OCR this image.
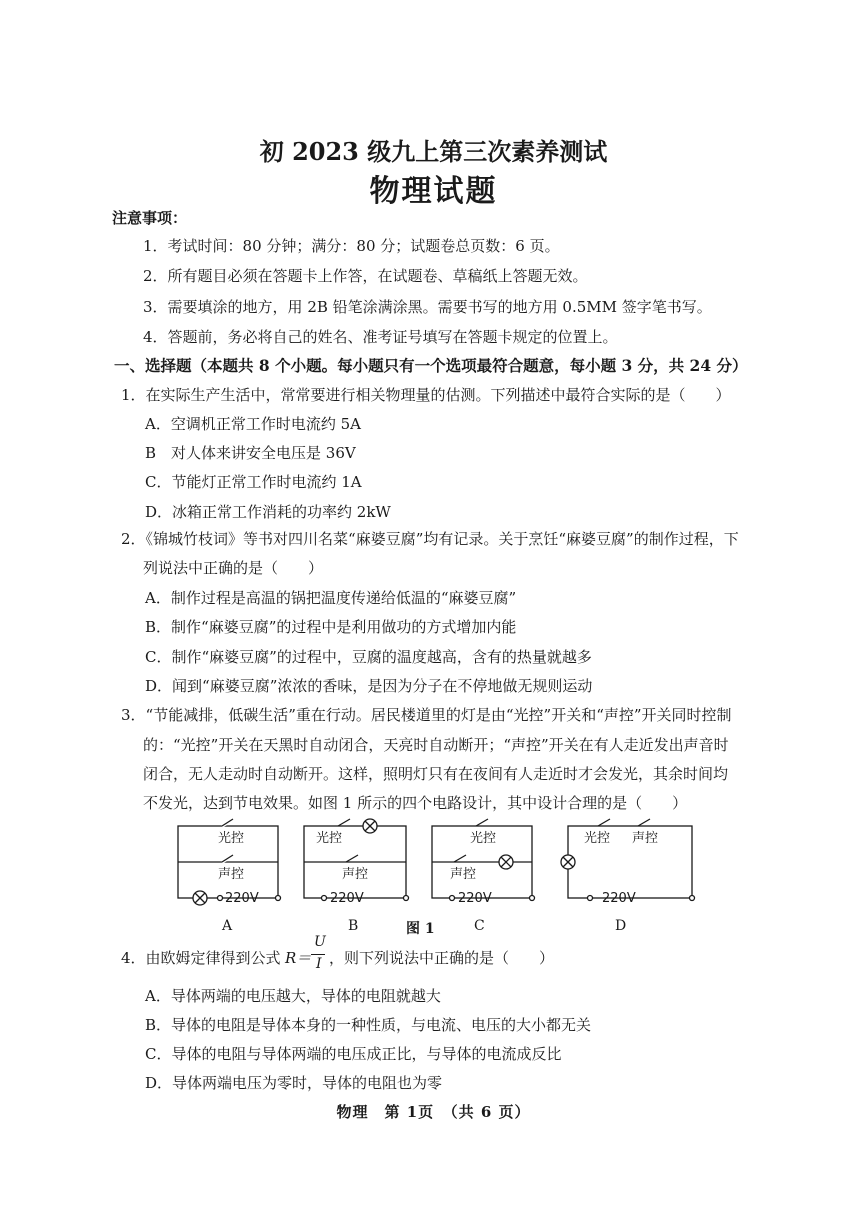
初 2023 级九上第三次素养测试
物理试题
注意事项：
1．考试时间：80 分钟；满分：80 分；试题卷总页数：6 页。
2．所有题目必须在答题卡上作答，在试题卷、草稿纸上答题无效。
3．需要填涂的地方，用 2B 铅笔涂满涂黑。需要书写的地方用 0.5MM 签字笔书写。
4．答题前，务必将自己的姓名、准考证号填写在答题卡规定的位置上。
一、选择题（本题共 8 个小题。每小题只有一个选项最符合题意，每小题 3 分，共 24 分）
1．在实际生产生活中，常常要进行相关物理量的估测。下列描述中最符合实际的是（　　）
A．空调机正常工作时电流约 5A
B　对人体来讲安全电压是 36V
C．节能灯正常工作时电流约 1A
D．冰箱正常工作消耗的功率约 2kW
2．《锦城竹枝词》等书对四川名菜“麻婆豆腐”均有记录。关于烹饪“麻婆豆腐”的制作过程，下
列说法中正确的是（　　）
A．制作过程是高温的锅把温度传递给低温的“麻婆豆腐”
B．制作“麻婆豆腐”的过程中是利用做功的方式增加内能
C．制作“麻婆豆腐”的过程中，豆腐的温度越高，含有的热量就越多
D．闻到“麻婆豆腐”浓浓的香味，是因为分子在不停地做无规则运动
3．“节能减排，低碳生活”重在行动。居民楼道里的灯是由“光控”开关和“声控”开关同时控制
的：“光控”开关在天黑时自动闭合，天亮时自动断开；“声控”开关在有人走近发出声音时
闭合，无人走动时自动断开。这样，照明灯只有在夜间有人走近时才会发光，其余时间均
不发光，达到节电效果。如图 1 所示的四个电路设计，其中设计合理的是（　　）
光控
声控
220V
光控
声控
220V
光控
声控
220V
光控 声控
220V
A	B	图 1	C	D
4．由欧姆定律得到公式 R＝
U
I ，则下列说法中正确的是（　　）
A．导体两端的电压越大，导体的电阻就越大
B．导体的电阻是导体本身的一种性质，与电流、电压的大小都无关
C．导体的电阻与导体两端的电压成正比，与导体的电流成反比
D．导体两端电压为零时，导体的电阻也为零
物理　第 1页　（共 6 页）
